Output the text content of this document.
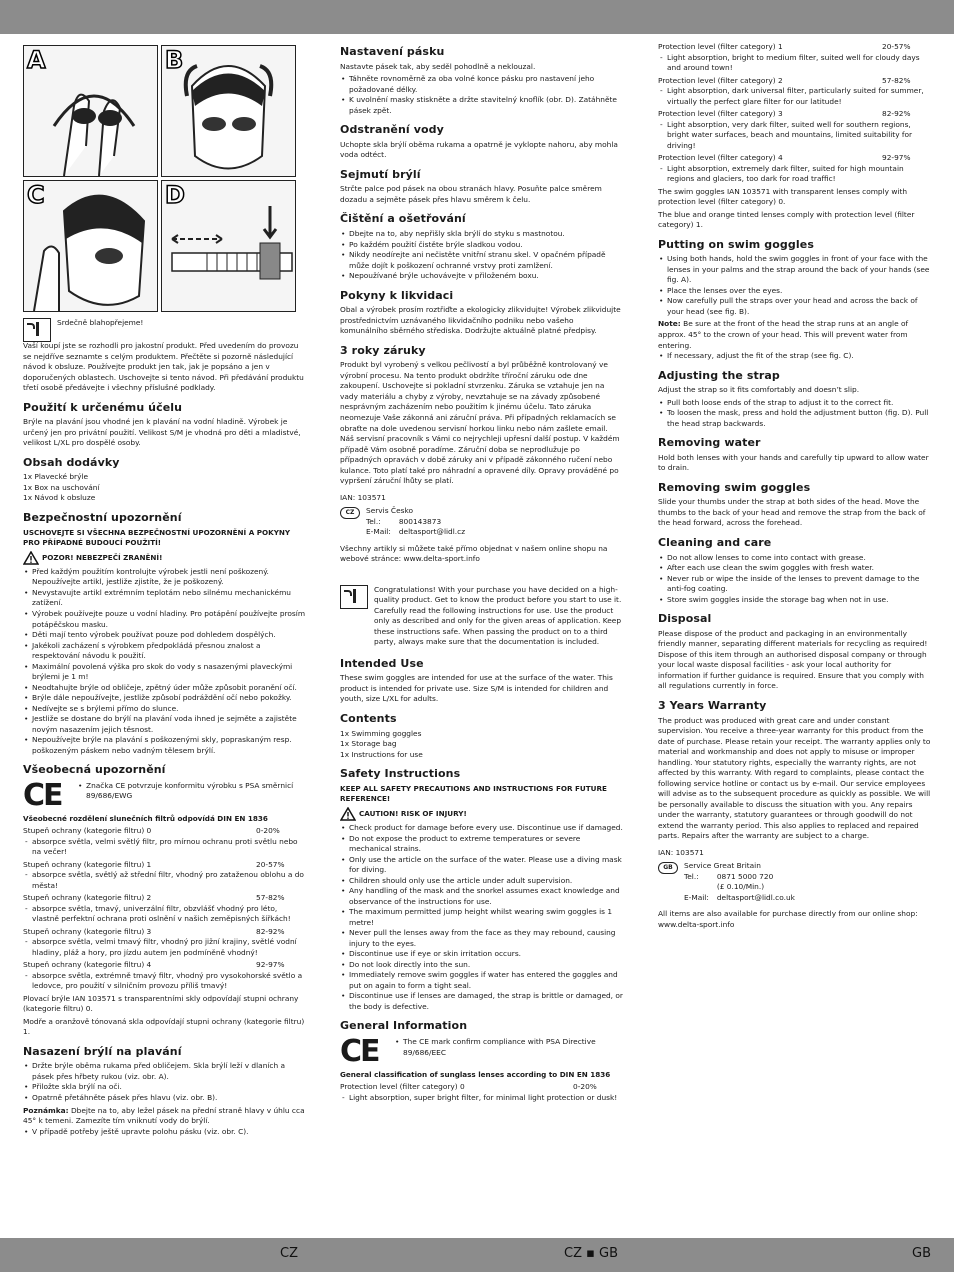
A	B
C	D

Srdečně blahopřejeme!

Vaší koupí jste se rozhodli pro jakostní produkt. Před uvedením do provozu se nejdříve seznamte s celým produktem. Přečtěte si pozorně následující návod k obsluze. Používejte produkt jen tak, jak je popsáno a jen v doporučených oblastech. Uschovejte si tento návod. Při předávání produktu třetí osobě předávejte i všechny příslušné podklady.

Použití k určenému účelu

Brýle na plavání jsou vhodné jen k plavání na vodní hladině. Výrobek je určený jen pro privátní použití. Velikost S/M je vhodná pro děti a mladistvé, velikost L/XL pro dospělé osoby.

Obsah dodávky

1x Plavecké brýle

1x Box na uschování

1x Návod k obsluze

Bezpečnostní upozornění

USCHOVEJTE SI VŠECHNA BEZPEČNOSTNÍ UPOZORNĚNÍ A POKYNY PRO PŘÍPADNÉ BUDOUCÍ POUŽITÍ!

POZOR! NEBEZPEČÍ ZRANĚNÍ!
• Před každým použitím kontrolujte výrobek jestli není poškozený. Nepoužívejte artikl, jestliže zjistíte, že je poškozený.
• Nevystavujte artikl extrémním teplotám nebo silnému mechanickému zatížení.
• Výrobek používejte pouze u vodní hladiny. Pro potápění používejte prosím potápěčskou masku.
• Děti mají tento výrobek používat pouze pod dohledem dospělých.
• Jakékoli zacházení s výrobkem předpokládá přesnou znalost a respektování návodu k použití.
• Maximální povolená výška pro skok do vody s nasazenými plaveckými brýlemi je 1 m!
• Neodtahujte brýle od obličeje, zpětný úder může způsobit poranění očí.
• Brýle dále nepoužívejte, jestliže způsobí podráždění očí nebo pokožky.
• Nedívejte se s brýlemi přímo do slunce.
• Jestliže se dostane do brýlí na plavání voda ihned je sejměte a zajistěte novým nasazením jejich těsnost.
• Nepoužívejte brýle na plavání s poškozenými skly, popraskaným resp. poškozeným páskem nebo vadným tělesem brýlí.
Všeobecná upozornění
CE	• Značka CE potvrzuje konformitu výrobku s PSA směrnicí 89/686/EWG

Všeobecné rozdělení slunečních filtrů odpovídá DIN EN 1836

Stupeň ochrany (kategorie filtru) 0	0-20%
- absorpce světla, velmi světlý filtr, pro mírnou ochranu proti světlu nebo na večer!
Stupeň ochrany (kategorie filtru) 1	20-57%
- absorpce světla, světlý až střední filtr, vhodný pro zataženou oblohu a do města!
Stupeň ochrany (kategorie filtru) 2	57-82%
- absorpce světla, tmavý, univerzální filtr, obzvlášť vhodný pro léto, vlastně perfektní ochrana proti oslnění v našich zeměpisných šířkách!
Stupeň ochrany (kategorie filtru) 3	82-92%
- absorpce světla, velmi tmavý filtr, vhodný pro jižní krajiny, světlé vodní hladiny, pláž a hory, pro jízdu autem jen podmíněně vhodný!
Stupeň ochrany (kategorie filtru) 4	92-97%
- absorpce světla, extrémně tmavý filtr, vhodný pro vysokohorské světlo a ledovce, pro použití v silničním provozu příliš tmavý!

Plovací brýle IAN 103571 s transparentními skly odpovídají stupni ochrany (kategorie filtru) 0.

Modře a oranžově tónovaná skla odpovídají stupni ochrany (kategorie filtru) 1.

Nasazení brýlí na plavání
• Držte brýle oběma rukama před obličejem. Skla brýlí leží v dlaních a pásek přes hřbety rukou (viz. obr. A).
• Přiložte skla brýlí na oči.
• Opatrně přetáhněte pásek přes hlavu (viz. obr. B).

Poznámka: Dbejte na to, aby ležel pásek na přední straně hlavy v úhlu cca 45° k temeni. Zamezíte tím vniknutí vody do brýlí.

• V případě potřeby ještě upravte polohu pásku (viz. obr. C).
Nastavení pásku

Nastavte pásek tak, aby seděl pohodlně a neklouzal.

• Táhněte rovnoměrně za oba volné konce pásku pro nastavení jeho požadované délky.
• K uvolnění masky stiskněte a držte stavitelný knoflík (obr. D). Zatáhněte pásek zpět.
Odstranění vody

Uchopte skla brýlí oběma rukama a opatrně je vyklopte nahoru, aby mohla voda odtéct.

Sejmutí brýlí

Strčte palce pod pásek na obou stranách hlavy. Posuňte palce směrem dozadu a sejměte pásek přes hlavu směrem k čelu.

Čištění a ošetřování
• Dbejte na to, aby nepřišly skla brýlí do styku s mastnotou.
• Po každém použití čistěte brýle sladkou vodou.
• Nikdy neodírejte ani nečistěte vnitřní stranu skel. V opačném případě může dojít k poškození ochranné vrstvy proti zamlžení.
• Nepoužívané brýle uchovávejte v přiloženém boxu.
Pokyny k likvidaci

Obal a výrobek prosím roztřiďte a ekologicky zlikvidujte! Výrobek zlikvidujte prostřednictvím uznávaného likvidačního podniku nebo vašeho komunálního sběrného střediska. Dodržujte aktuálně platné předpisy.

3 roky záruky

Produkt byl vyrobený s velkou pečlivostí a byl průběžně kontrolovaný ve výrobní procesu. Na tento produkt obdržíte tříroční záruku ode dne zakoupení. Uschovejte si pokladní stvrzenku. Záruka se vztahuje jen na vady materiálu a chyby z výroby, nevztahuje se na závady způsobené nesprávným zacházením nebo použitím k jinému účelu. Tato záruka neomezuje Vaše zákonná ani záruční práva. Při případných reklamacích se obraťte na dole uvedenou servisní horkou linku nebo nám zašlete email. Náš servisní pracovník s Vámi co nejrychleji upřesní další postup. V každém případě Vám osobně poradíme. Záruční doba se neprodlužuje po případných opravách v době záruky ani v případě zákonného ručení nebo kulance. Toto platí také pro náhradní a opravené díly. Opravy prováděné po vypršení záruční lhůty se platí.

IAN: 103571

CZ	Servis Česko	
Tel.:	800143873
E-Mail:	deltasport@lidl.cz

Všechny artikly si můžete také přímo objednat v našem online shopu na webové stránce: www.delta-sport.info

Congratulations! With your purchase you have decided on a high-quality product. Get to know the product before you start to use it. Carefully read the following instructions for use. Use the product only as described and only for the given areas of application. Keep these instructions safe. When passing the product on to a third party, always make sure that the documentation is included.

Intended Use

These swim goggles are intended for use at the surface of the water. This product is intended for private use. Size S/M is intended for children and youth, size L/XL for adults.

Contents

1x Swimming goggles

1x Storage bag

1x Instructions for use

Safety Instructions

KEEP ALL SAFETY PRECAUTIONS AND INSTRUCTIONS FOR FUTURE REFERENCE!

CAUTION! RISK OF INJURY!
• Check product for damage before every use. Discontinue use if damaged.
• Do not expose the product to extreme temperatures or severe mechanical strains.
• Only use the article on the surface of the water. Please use a diving mask for diving.
• Children should only use the article under adult supervision.
• Any handling of the mask and the snorkel assumes exact knowledge and observance of the instructions for use.
• The maximum permitted jump height whilst wearing swim goggles is 1 metre!
• Never pull the lenses away from the face as they may rebound, causing injury to the eyes.
• Discontinue use if eye or skin irritation occurs.
• Do not look directly into the sun.
• Immediately remove swim goggles if water has entered the goggles and put on again to form a tight seal.
• Discontinue use if lenses are damaged, the strap is brittle or damaged, or the body is defective.
General Information
CE	• The CE mark confirm compliance with PSA Directive 89/686/EEC

General classification of sunglass lenses according to DIN EN 1836

Protection level (filter category) 0	0-20%
- Light absorption, super bright filter, for minimal light protection or dusk!
Protection level (filter category) 1	20-57%
- Light absorption, bright to medium filter, suited well for cloudy days and around town!
Protection level (filter category) 2	57-82%
- Light absorption, dark universal filter, particularly suited for summer, virtually the perfect glare filter for our latitude!
Protection level (filter category) 3	82-92%
- Light absorption, very dark filter, suited well for southern regions, bright water surfaces, beach and mountains, limited suitability for driving!
Protection level (filter category) 4	92-97%
- Light absorption, extremely dark filter, suited for high mountain regions and glaciers, too dark for road traffic!

The swim goggles IAN 103571 with transparent lenses comply with protection level (filter category) 0.

The blue and orange tinted lenses comply with protection level (filter category) 1.

Putting on swim goggles
• Using both hands, hold the swim goggles in front of your face with the lenses in your palms and the strap around the back of your hands (see fig. A).
• Place the lenses over the eyes.
• Now carefully pull the straps over your head and across the back of your head (see fig. B).

Note: Be sure at the front of the head the strap runs at an angle of approx. 45° to the crown of your head. This will prevent water from entering.

• If necessary, adjust the fit of the strap (see fig. C).
Adjusting the strap

Adjust the strap so it fits comfortably and doesn’t slip.

• Pull both loose ends of the strap to adjust it to the correct fit.
• To loosen the mask, press and hold the adjustment button (fig. D). Pull the head strap backwards.
Removing water

Hold both lenses with your hands and carefully tip upward to allow water to drain.

Removing swim goggles

Slide your thumbs under the strap at both sides of the head. Move the thumbs to the back of your head and remove the strap from the back of the head forward, across the forehead.

Cleaning and care
• Do not allow lenses to come into contact with grease.
• After each use clean the swim goggles with fresh water.
• Never rub or wipe the inside of the lenses to prevent damage to the anti-fog coating.
• Store swim goggles inside the storage bag when not in use.
Disposal

Please dispose of the product and packaging in an environmentally friendly manner, separating different materials for recycling as required! Dispose of this item through an authorised disposal company or through your local waste disposal facilities - ask your local authority for information if further guidance is required. Ensure that you comply with all regulations currently in force.

3 Years Warranty

The product was produced with great care and under constant supervision. You receive a three-year warranty for this product from the date of purchase. Please retain your receipt. The warranty applies only to material and workmanship and does not apply to misuse or improper handling. Your statutory rights, especially the warranty rights, are not affected by this warranty. With regard to complaints, please contact the following service hotline or contact us by e-mail. Our service employees will advise as to the subsequent procedure as quickly as possible. We will be personally available to discuss the situation with you. Any repairs under the warranty, statutory guarantees or through goodwill do not extend the warranty period. This also applies to replaced and repaired parts. Repairs after the warranty are subject to a charge.

IAN: 103571

GB	Service Great Britain	
Tel.:	0871 5000 720
	(£ 0.10/Min.)
E-Mail:	deltasport@lidl.co.uk

All items are also available for purchase directly from our online shop: www.delta-sport.info

CZ	CZ ▪ GB	GB
